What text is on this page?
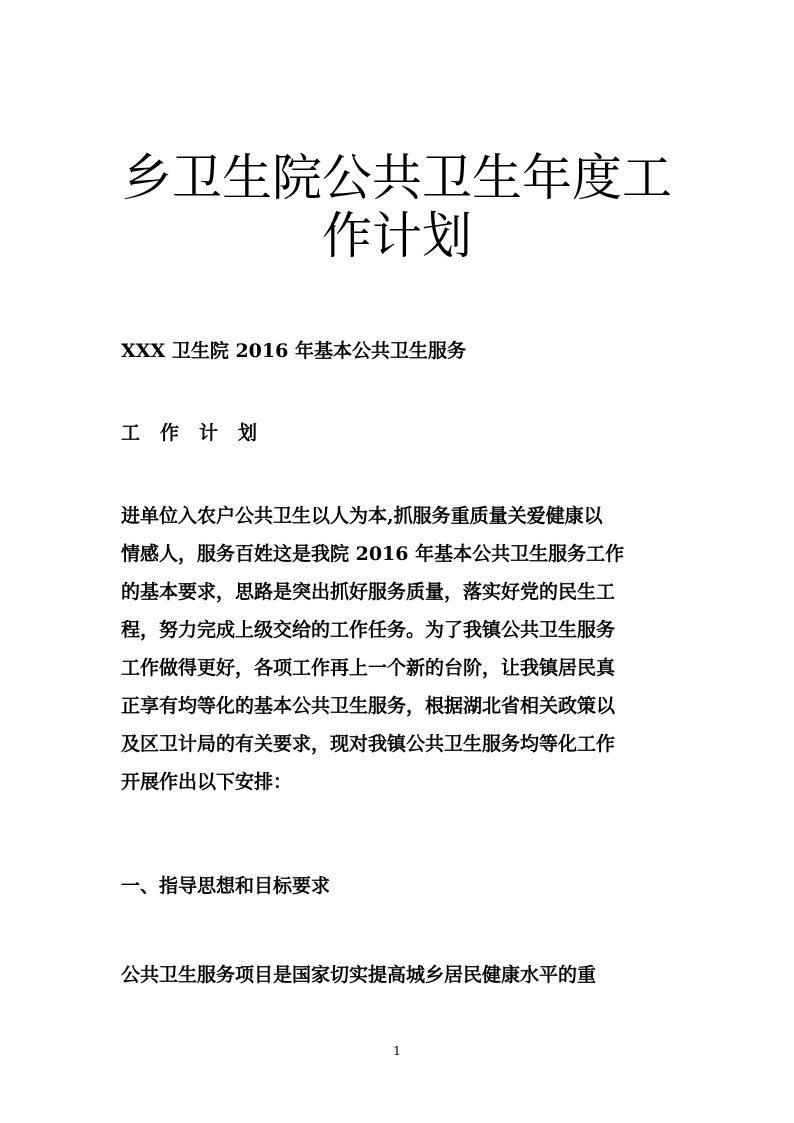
乡卫生院公共卫生年度工
作计划

XXX 卫生院 2016 年基本公共卫生服务

工作计划

进单位入农户公共卫生以人为本,抓服务重质量关爱健康以
情感人，服务百姓这是我院 2016 年基本公共卫生服务工作
的基本要求，思路是突出抓好服务质量，落实好党的民生工
程，努力完成上级交给的工作任务。为了我镇公共卫生服务
工作做得更好，各项工作再上一个新的台阶，让我镇居民真
正享有均等化的基本公共卫生服务，根据湖北省相关政策以
及区卫计局的有关要求，现对我镇公共卫生服务均等化工作
开展作出以下安排：

一、指导思想和目标要求

公共卫生服务项目是国家切实提高城乡居民健康水平的重

1
